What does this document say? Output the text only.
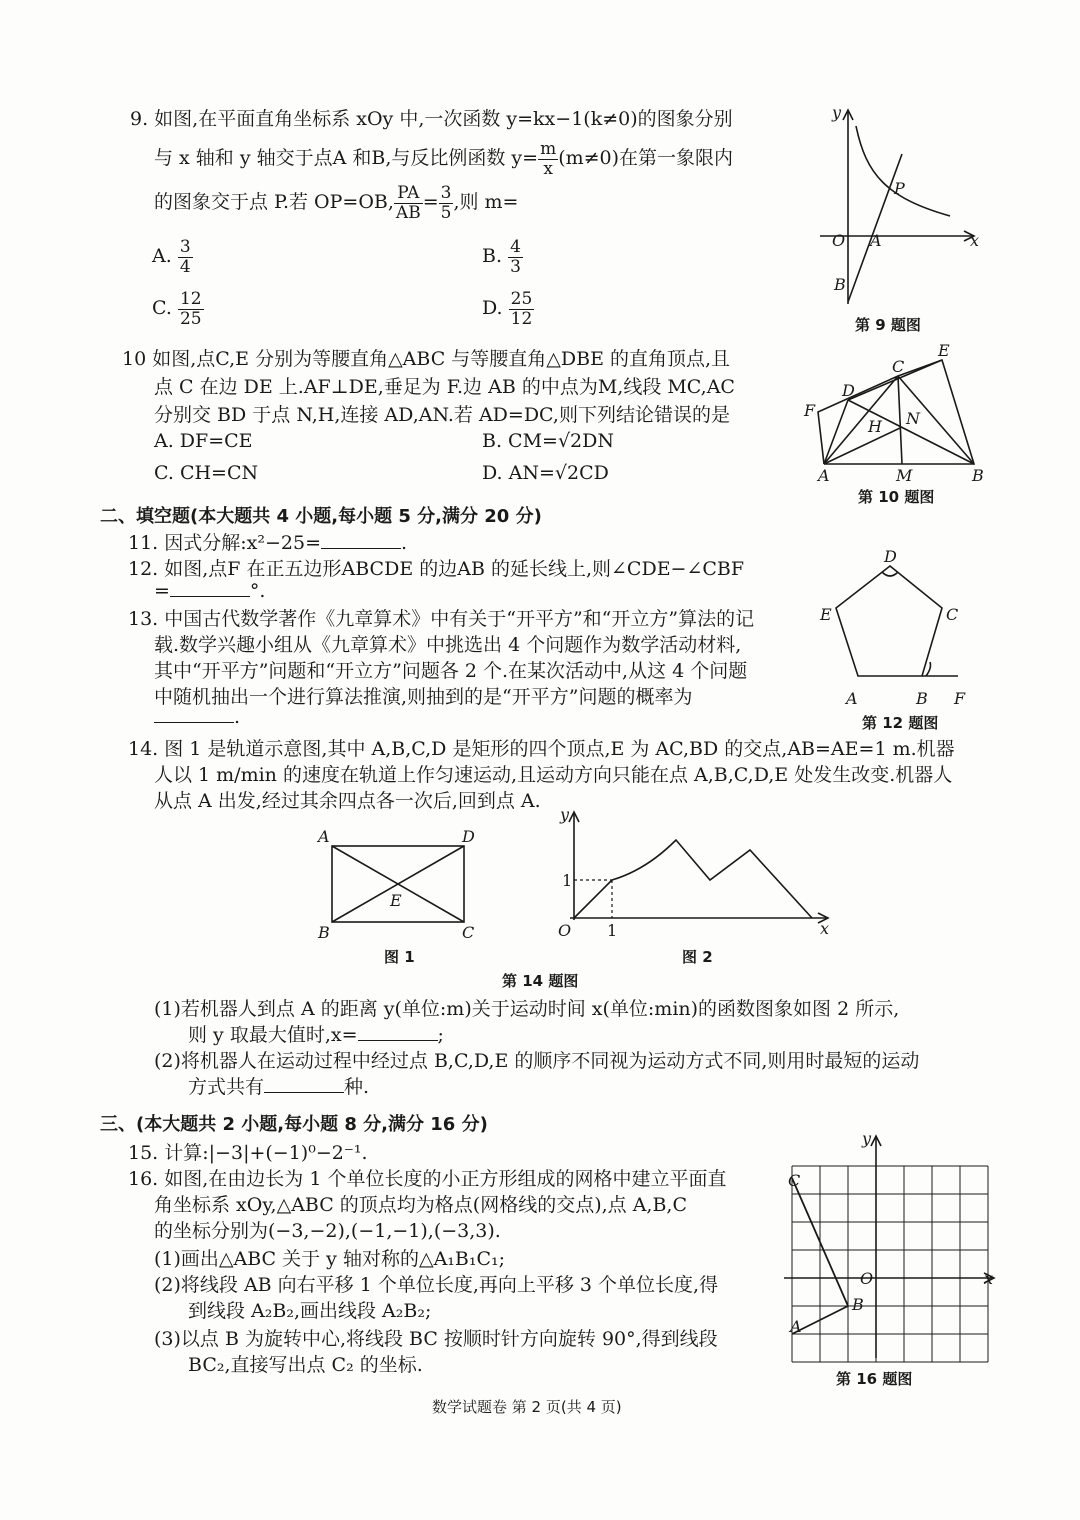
9. 如图,在平面直角坐标系 xOy 中,一次函数 y=kx−1(k≠0)的图象分别
与 x 轴和 y 轴交于点A 和B,与反比例函数 $y= \frac{m}{x} (m\ne 0)$在第一象限内
的图象交于点 P.若 OP=OB, $\frac{PA}{AB} = \frac{3}{5}$ ,则 m=
A. $\frac{3}{4}$	B. $\frac{4}{3}$
C. $\frac{12}{25}$	D. $\frac{25}{12}$
y
x
O A
B
P
第 9 题图
10 如图,点C,E 分别为等腰直角△ABC 与等腰直角△DBE 的直角顶点,且
点 C 在边 DE 上.AF⊥DE,垂足为 F.边 AB 的中点为M,线段 MC,AC
分别交 BD 于点 N,H,连接 AD,AN.若 AD=DC,则下列结论错误的是
A. DF=CE	B. CM=√2DN
C. CH=CN	D. AN=√2CD
E
C
D
F
H N
A	M	B
第 10 题图
二、填空题(本大题共 4 小题,每小题 5 分,满分 20 分)
11. 因式分解:x²−25=	.
12. 如图,点F 在正五边形ABCDE 的边AB 的延长线上,则∠CDE−∠CBF
=	°.
D
E	C
A	B F
第 12 题图
13. 中国古代数学著作《九章算术》中有关于“开平方”和“开立方”算法的记
载.数学兴趣小组从《九章算术》中挑选出 4 个问题作为数学活动材料,
其中“开平方”问题和“开立方”问题各 2 个.在某次活动中,从这 4 个问题
中随机抽出一个进行算法推演,则抽到的是“开平方”问题的概率为
.
14. 图 1 是轨道示意图,其中 A,B,C,D 是矩形的四个顶点,E 为 AC,BD 的交点,AB=AE=1 m.机器
人以 1 m/min 的速度在轨道上作匀速运动,且运动方向只能在点 A,B,C,D,E 处发生改变.机器人
从点 A 出发,经过其余四点各一次后,回到点 A.
A	D
B	C
E
图 1
y
x
O
1
1
图 2
第 14 题图
(1)若机器人到点 A 的距离 y(单位:m)关于运动时间 x(单位:min)的函数图象如图 2 所示,
则 y 取最大值时,x=	;
(2)将机器人在运动过程中经过点 B,C,D,E 的顺序不同视为运动方式不同,则用时最短的运动
方式共有	种.
三、(本大题共 2 小题,每小题 8 分,满分 16 分)
15. 计算:|−3|+(−1)⁰−2⁻¹.
16. 如图,在由边长为 1 个单位长度的小正方形组成的网格中建立平面直
角坐标系 xOy,△ABC 的顶点均为格点(网格线的交点),点 A,B,C
的坐标分别为(−3,−2),(−1,−1),(−3,3).
(1)画出△ABC 关于 y 轴对称的△A₁B₁C₁;
(2)将线段 AB 向右平移 1 个单位长度,再向上平移 3 个单位长度,得
到线段 A₂B₂,画出线段 A₂B₂;
(3)以点 B 为旋转中心,将线段 BC 按顺时针方向旋转 90°,得到线段
BC₂,直接写出点 C₂ 的坐标.
y
x
O
A
B
C
第 16 题图
数学试题卷 第 2 页(共 4 页)
